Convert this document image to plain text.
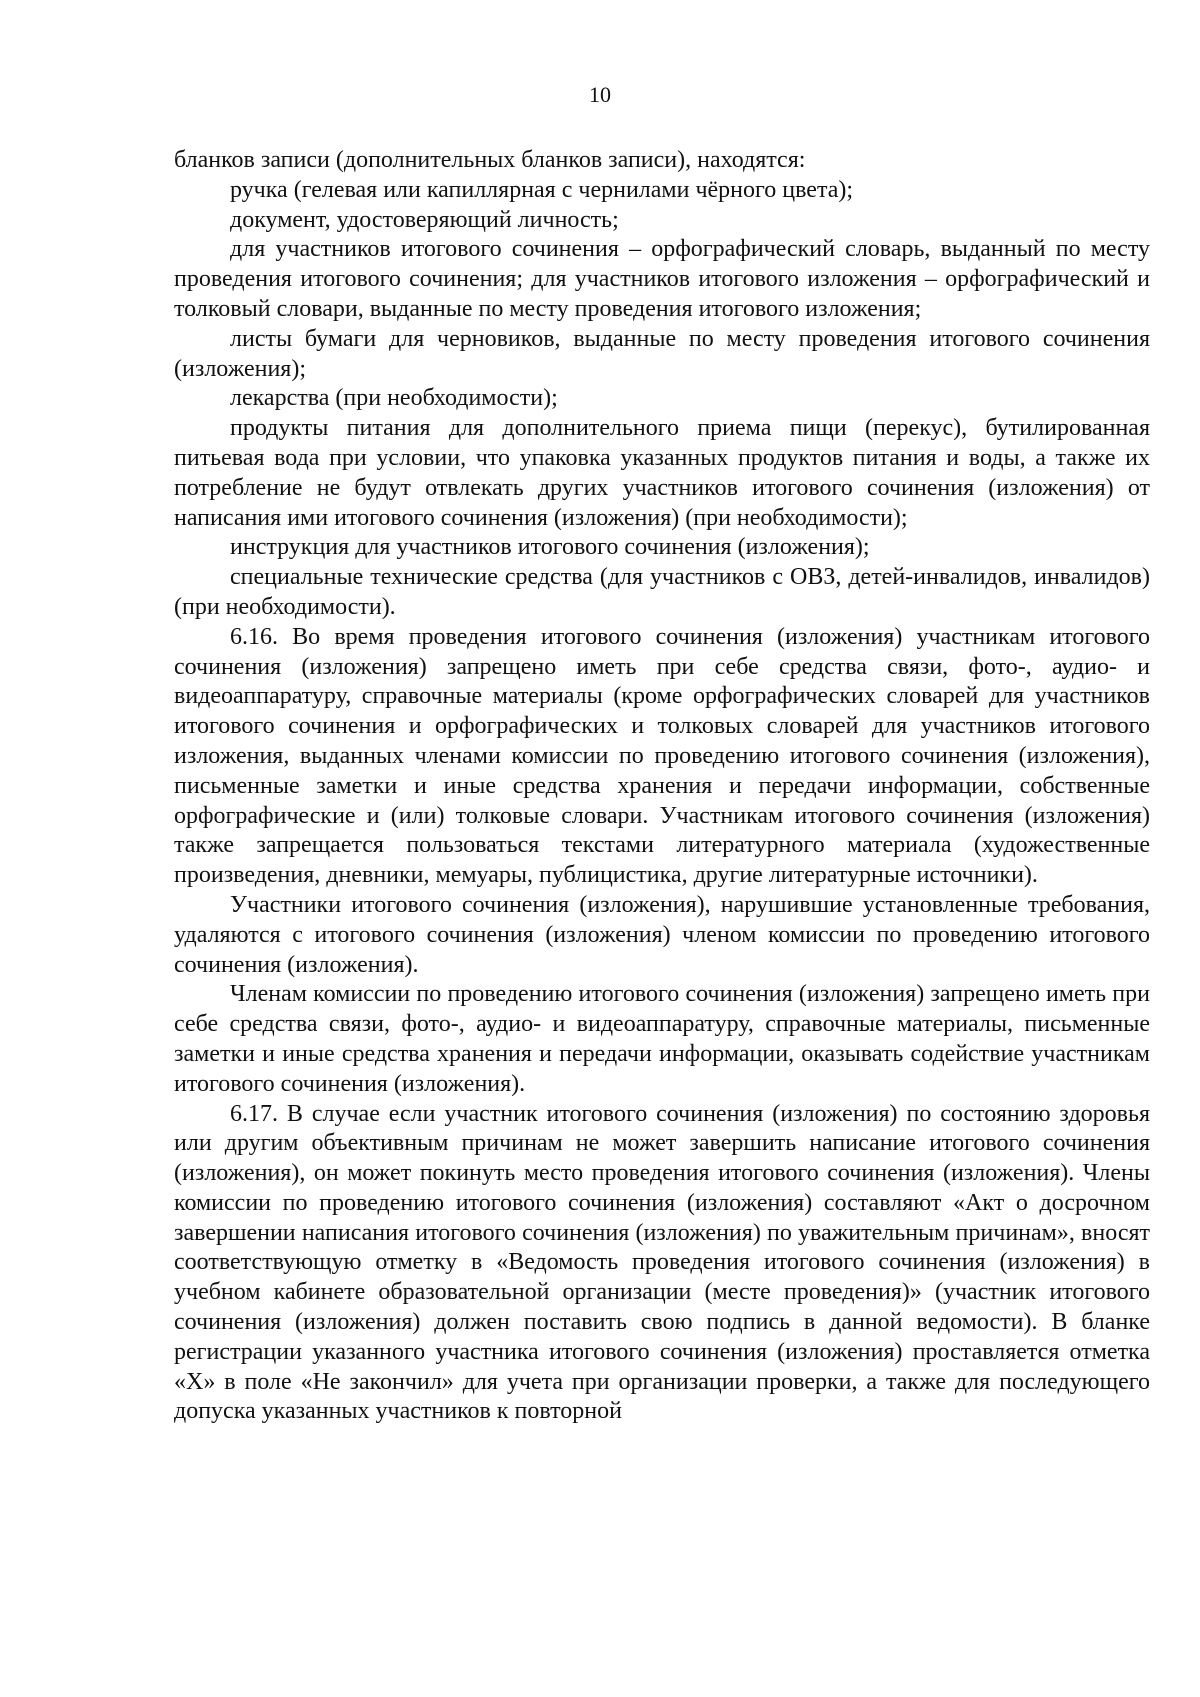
10

бланков записи (дополнительных бланков записи), находятся:

ручка (гелевая или капиллярная с чернилами чёрного цвета);

документ, удостоверяющий личность;

для участников итогового сочинения – орфографический словарь, выданный по месту проведения итогового сочинения; для участников итогового изложения – орфографический и толковый словари, выданные по месту проведения итогового изложения;

листы бумаги для черновиков, выданные по месту проведения итогового сочинения (изложения);

лекарства (при необходимости);

продукты питания для дополнительного приема пищи (перекус), бутилированная питьевая вода при условии, что упаковка указанных продуктов питания и воды, а также их потребление не будут отвлекать других участников итогового сочинения (изложения) от написания ими итогового сочинения (изложения) (при необходимости);

инструкция для участников итогового сочинения (изложения);

специальные технические средства (для участников с ОВЗ, детей-инвалидов, инвалидов) (при необходимости).

6.16. Во время проведения итогового сочинения (изложения) участникам итогового сочинения (изложения) запрещено иметь при себе средства связи, фото-, аудио- и видеоаппаратуру, справочные материалы (кроме орфографических словарей для участников итогового сочинения и орфографических и толковых словарей для участников итогового изложения, выданных членами комиссии по проведению итогового сочинения (изложения), письменные заметки и иные средства хранения и передачи информации, собственные орфографические и (или) толковые словари. Участникам итогового сочинения (изложения) также запрещается пользоваться текстами литературного материала (художественные произведения, дневники, мемуары, публицистика, другие литературные источники).

Участники итогового сочинения (изложения), нарушившие установленные требования, удаляются с итогового сочинения (изложения) членом комиссии по проведению итогового сочинения (изложения).

Членам комиссии по проведению итогового сочинения (изложения) запрещено иметь при себе средства связи, фото-, аудио- и видеоаппаратуру, справочные материалы, письменные заметки и иные средства хранения и передачи информации, оказывать содействие участникам итогового сочинения (изложения).

6.17. В случае если участник итогового сочинения (изложения) по состоянию здоровья или другим объективным причинам не может завершить написание итогового сочинения (изложения), он может покинуть место проведения итогового сочинения (изложения). Члены комиссии по проведению итогового сочинения (изложения) составляют «Акт о досрочном завершении написания итогового сочинения (изложения) по уважительным причинам», вносят соответствующую отметку в «Ведомость проведения итогового сочинения (изложения) в учебном кабинете образовательной организации (месте проведения)» (участник итогового сочинения (изложения) должен поставить свою подпись в данной ведомости). В бланке регистрации указанного участника итогового сочинения (изложения) проставляется отметка «X» в поле «Не закончил» для учета при организации проверки, а также для последующего допуска указанных участников к повторной
